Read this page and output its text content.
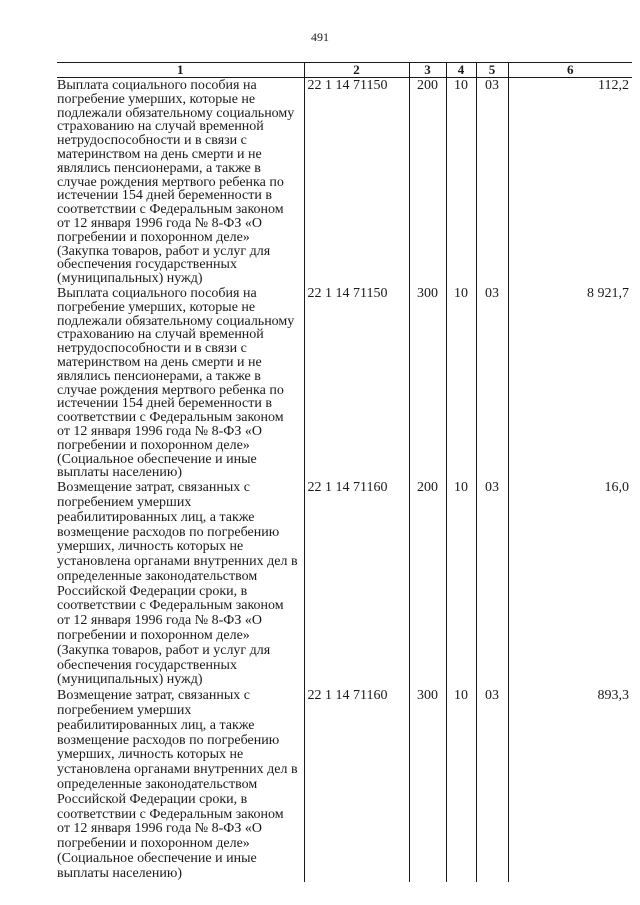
491
1	2	3	4	5	6
Выплата социального пособия на погребение умерших, которые не подлежали обязательному социальному страхованию на случай временной нетрудоспособности и в связи с материнством на день смерти и не являлись пенсионерами, а также в случае рождения мертвого ребенка по истечении 154 дней беременности в соответствии с Федеральным законом от 12 января 1996 года № 8-ФЗ «О погребении и похоронном деле» (Закупка товаров, работ и услуг для обеспечения государственных (муниципальных) нужд)	22 1 14 71150	200	10	03	112,2
Выплата социального пособия на погребение умерших, которые не подлежали обязательному социальному страхованию на случай временной нетрудоспособности и в связи с материнством на день смерти и не являлись пенсионерами, а также в случае рождения мертвого ребенка по истечении 154 дней беременности в соответствии с Федеральным законом от 12 января 1996 года № 8-ФЗ «О погребении и похоронном деле» (Социальное обеспечение и иные выплаты населению)	22 1 14 71150	300	10	03	8 921,7
Возмещение затрат, связанных с погребением умерших реабилитированных лиц, а также возмещение расходов по погребению умерших, личность которых не установлена органами внутренних дел в определенные законодательством Российской Федерации сроки, в соответствии с Федеральным законом от 12 января 1996 года № 8-ФЗ «О погребении и похоронном деле» (Закупка товаров, работ и услуг для обеспечения государственных (муниципальных) нужд)	22 1 14 71160	200	10	03	16,0
Возмещение затрат, связанных с погребением умерших реабилитированных лиц, а также возмещение расходов по погребению умерших, личность которых не установлена органами внутренних дел в определенные законодательством Российской Федерации сроки, в соответствии с Федеральным законом от 12 января 1996 года № 8-ФЗ «О погребении и похоронном деле» (Социальное обеспечение и иные выплаты населению)	22 1 14 71160	300	10	03	893,3
